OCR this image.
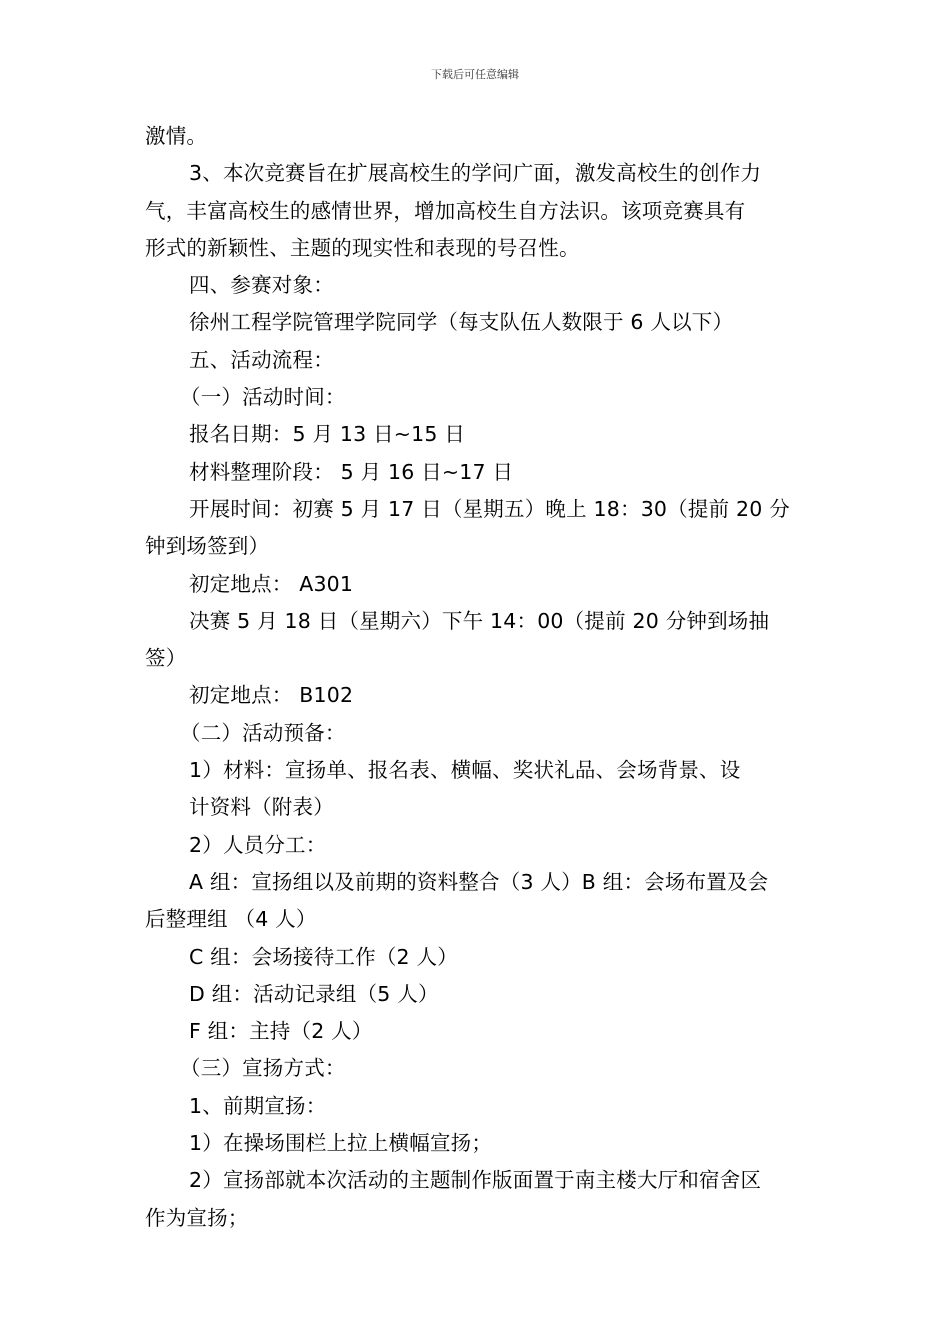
下载后可任意编辑

激情。

3、本次竞赛旨在扩展高校生的学问广面，激发高校生的创作力

气，丰富高校生的感情世界，增加高校生自方法识。该项竞赛具有

形式的新颖性、主题的现实性和表现的号召性。

四、参赛对象：

徐州工程学院管理学院同学（每支队伍人数限于 6 人以下）

五、活动流程：

（一）活动时间：

报名日期：5 月 13 日~15 日

材料整理阶段： 5 月 16 日~17 日

开展时间：初赛 5 月 17 日（星期五）晚上 18：30（提前 20 分

钟到场签到）

初定地点： A301

决赛 5 月 18 日（星期六）下午 14：00（提前 20 分钟到场抽

签）

初定地点： B102

（二）活动预备：

1）材料：宣扬单、报名表、横幅、奖状礼品、会场背景、设

计资料（附表）

2）人员分工：

A 组：宣扬组以及前期的资料整合（3 人）B 组：会场布置及会

后整理组 （4 人）

C 组：会场接待工作（2 人）

D 组：活动记录组（5 人）

F 组：主持（2 人）

（三）宣扬方式：

1、前期宣扬：

1）在操场围栏上拉上横幅宣扬；

2）宣扬部就本次活动的主题制作版面置于南主楼大厅和宿舍区

作为宣扬；
